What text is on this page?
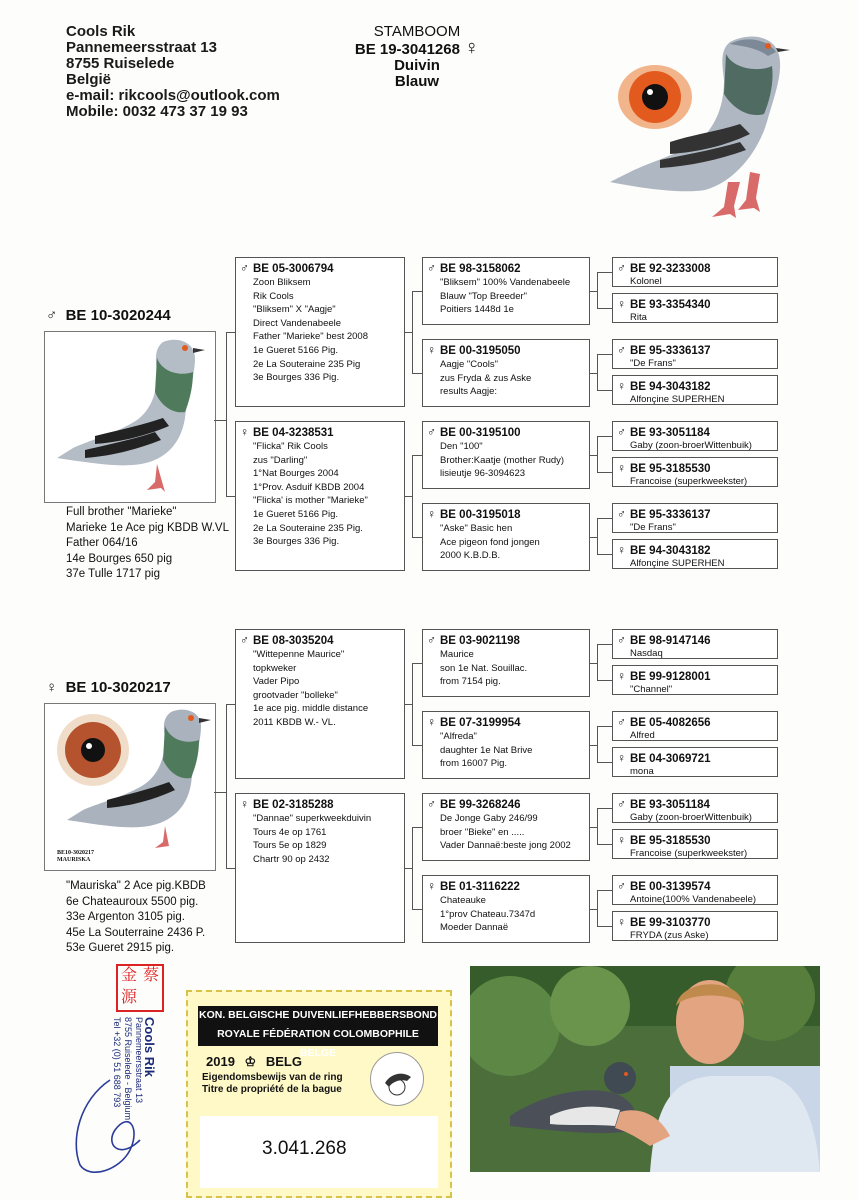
Cools Rik
Pannemeersstraat 13
8755 Ruiselede
België
e-mail: rikcools@outlook.com
Mobile: 0032 473 37 19 93
STAMBOOM
BE 19-3041268 ♀
Duivin
Blauw
♂ BE 10-3020244
Full brother "Marieke"
Marieke 1e Ace pig KBDB W.VL
Father 064/16
14e Bourges 650 pig
37e Tulle 1717 pig
♀ BE 10-3020217
BE10-3020217
MAURISKA
"Mauriska" 2 Ace pig.KBDB
6e Chateauroux 5500 pig.
33e Argenton 3105 pig.
45e La Souterraine 2436 P.
53e Gueret 2915 pig.
♂ BE 05-3006794
Zoon Bliksem
Rik Cools
"Bliksem" X "Aagje"
Direct Vandenabeele
Father "Marieke" best 2008
1e Gueret 5166 Pig.
2e La Souteraine 235 Pig
3e Bourges 336 Pig.
♀ BE 04-3238531
"Flicka" Rik Cools
zus "Darling"
1°Nat Bourges 2004
1°Prov. Asduif KBDB 2004
"Flicka' is mother "Marieke"
1e Gueret 5166 Pig.
2e La Souteraine 235 Pig.
3e Bourges 336 Pig.
♂ BE 08-3035204
"Wittepenne Maurice"
topkweker
Vader Pipo
grootvader "bolleke"
1e ace pig. middle distance
2011 KBDB W.- VL.
♀ BE 02-3185288
"Dannae" superkweekduivin
Tours 4e op 1761
Tours 5e op 1829
Chartr 90 op 2432
♂ BE 98-3158062
"Bliksem" 100% Vandenabeele
Blauw "Top Breeder"
Poitiers 1448d 1e
♀ BE 00-3195050
Aagje "Cools"
zus Fryda & zus Aske
results Aagje:
♂ BE 00-3195100
Den "100"
Brother:Kaatje (mother Rudy)
lisieutje 96-3094623
♀ BE 00-3195018
"Aske" Basic hen
Ace pigeon fond jongen
2000 K.B.D.B.
♂ BE 03-9021198
Maurice
son 1e Nat. Souillac.
from 7154 pig.
♀ BE 07-3199954
"Alfreda"
daughter 1e Nat Brive
from 16007 Pig.
♂ BE 99-3268246
De Jonge Gaby 246/99
broer "Bieke" en .....
Vader Dannaë:beste jong 2002
♀ BE 01-3116222
Chateauke
1°prov Chateau.7347d
Moeder Dannaë
♂ BE 92-3233008
Kolonel
♀ BE 93-3354340
Rita
♂ BE 95-3336137
"De Frans"
♀ BE 94-3043182
Alfonçine SUPERHEN
♂ BE 93-3051184
Gaby (zoon-broerWittenbuik)
♀ BE 95-3185530
Francoise (superkweekster)
♂ BE 95-3336137
"De Frans"
♀ BE 94-3043182
Alfonçine SUPERHEN
♂ BE 98-9147146
Nasdaq
♀ BE 99-9128001
"Channel"
♂ BE 05-4082656
Alfred
♀ BE 04-3069721
mona
♂ BE 93-3051184
Gaby (zoon-broerWittenbuik)
♀ BE 95-3185530
Francoise (superkweekster)
♂ BE 00-3139574
Antoine(100% Vandenabeele)
♀ BE 99-3103770
FRYDA (zus Aske)
金 蔡
源
Cools Rik
Pannemeersstraat 13
8755 Ruiselede - Belgium
Tel +32 (0) 51 688 793
KON. BELGISCHE DUIVENLIEFHEBBERSBOND
ROYALE FÉDÉRATION COLOMBOPHILE BELGE
2019 ♔ BELG
Eigendomsbewijs van de ring
Titre de propriété de la bague
3.041.268
